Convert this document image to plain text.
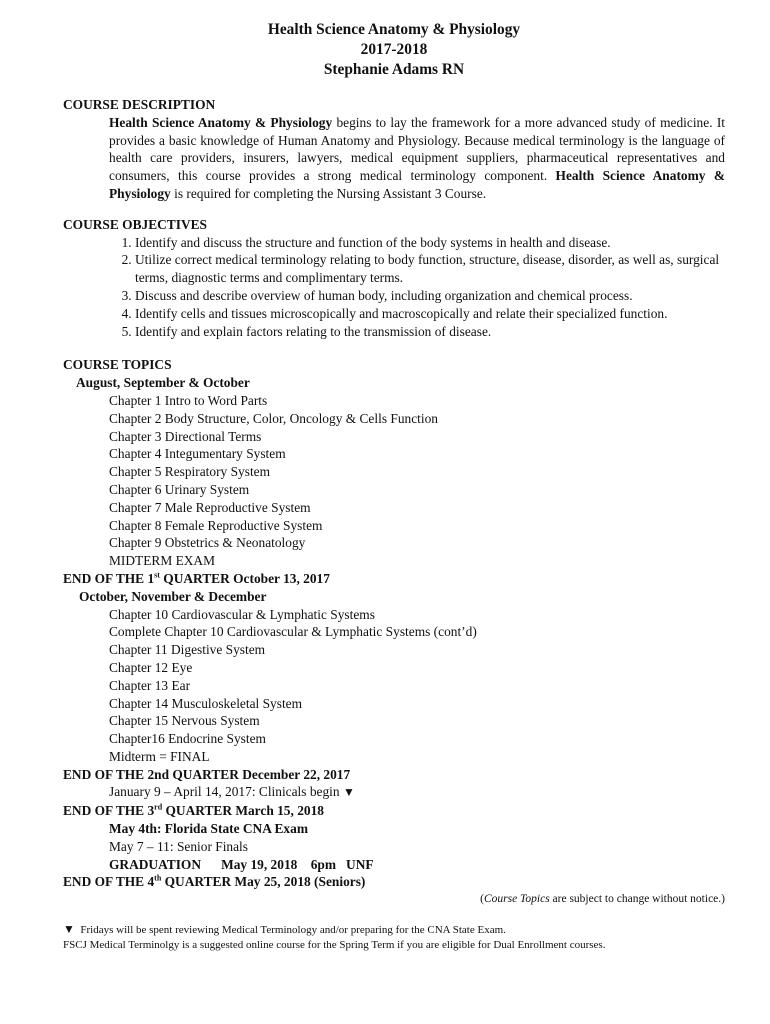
Health Science Anatomy & Physiology
2017-2018
Stephanie Adams RN
COURSE DESCRIPTION
Health Science Anatomy & Physiology begins to lay the framework for a more advanced study of medicine. It provides a basic knowledge of Human Anatomy and Physiology. Because medical terminology is the language of health care providers, insurers, lawyers, medical equipment suppliers, pharmaceutical representatives and consumers, this course provides a strong medical terminology component. Health Science Anatomy & Physiology is required for completing the Nursing Assistant 3 Course.
COURSE OBJECTIVES
1. Identify and discuss the structure and function of the body systems in health and disease.
2. Utilize correct medical terminology relating to body function, structure, disease, disorder, as well as, surgical terms, diagnostic terms and complimentary terms.
3. Discuss and describe overview of human body, including organization and chemical process.
4. Identify cells and tissues microscopically and macroscopically and relate their specialized function.
5. Identify and explain factors relating to the transmission of disease.
COURSE TOPICS
August, September & October
Chapter 1 Intro to Word Parts
Chapter 2 Body Structure, Color, Oncology & Cells Function
Chapter 3 Directional Terms
Chapter 4 Integumentary System
Chapter 5 Respiratory System
Chapter 6 Urinary System
Chapter 7 Male Reproductive System
Chapter 8 Female Reproductive System
Chapter 9 Obstetrics & Neonatology
MIDTERM EXAM
END OF THE 1st QUARTER October 13, 2017
October, November & December
Chapter 10 Cardiovascular & Lymphatic Systems
Complete Chapter 10 Cardiovascular & Lymphatic Systems (cont’d)
Chapter 11 Digestive System
Chapter 12 Eye
Chapter 13 Ear
Chapter 14 Musculoskeletal System
Chapter 15 Nervous System
Chapter16 Endocrine System
Midterm = FINAL
END OF THE 2nd QUARTER December 22, 2017
January 9 – April 14, 2017: Clinicals begin ▼
END OF THE 3rd QUARTER March 15, 2018
May 4th: Florida State CNA Exam
May 7 – 11: Senior Finals
GRADUATION      May 19, 2018    6pm   UNF
END OF THE 4th QUARTER May 25, 2018 (Seniors)
(Course Topics are subject to change without notice.)
▼  Fridays will be spent reviewing Medical Terminology and/or preparing for the CNA State Exam.
FSCJ Medical Terminolgy is a suggested online course for the Spring Term if you are eligible for Dual Enrollment courses.
